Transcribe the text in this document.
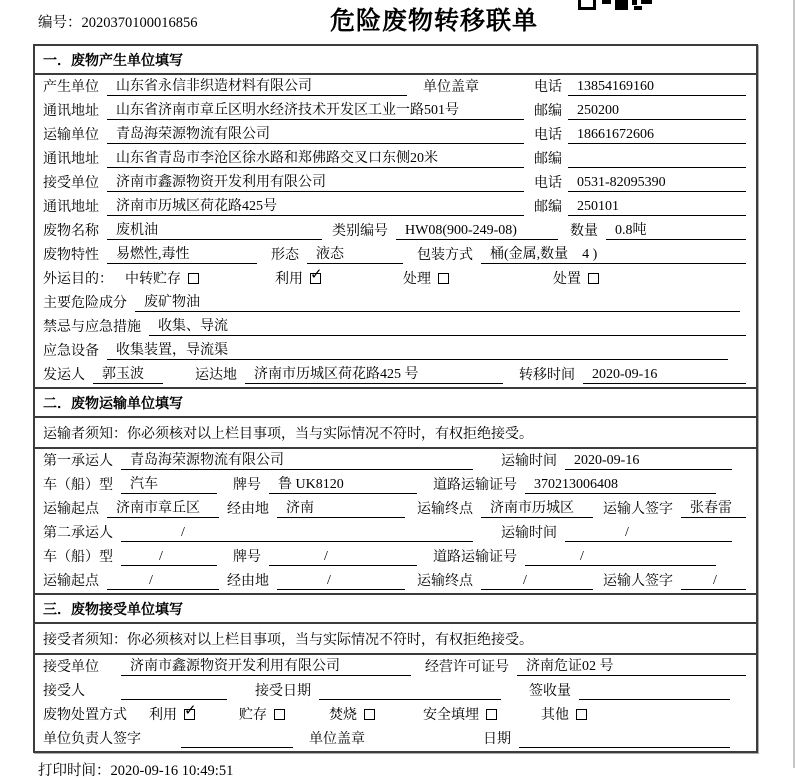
编号：2020370100016856	危险废物转移联单
一．废物产生单位填写
产生单位	山东省永信非织造材料有限公司	单位盖章	电话	13854169160
通讯地址	山东省济南市章丘区明水经济技术开发区工业一路501号	邮编	250200
运输单位	青岛海荣源物流有限公司	电话	18661672606
通讯地址	山东省青岛市李沧区徐水路和郑佛路交叉口东侧20米	邮编
接受单位	济南市鑫源物资开发利用有限公司	电话	0531-82095390
通讯地址	济南市历城区荷花路425号	邮编	250101
废物名称	废机油	类别编号	HW08(900-249-08)	数量	0.8吨
废物特性	易燃性,毒性	形态	液态	包装方式	桶(金属,数量　4 )
外运目的： 中转贮存	利用 ✓	处理	处置
主要危险成分	废矿物油
禁忌与应急措施	收集、导流
应急设备	收集装置，导流渠
发运人	郭玉波	运达地	济南市历城区荷花路425 号	转移时间	2020-09-16
二．废物运输单位填写
运输者须知：你必须核对以上栏目事项，当与实际情况不符时，有权拒绝接受。
第一承运人	青岛海荣源物流有限公司	运输时间	2020-09-16
车（船）型	汽车	牌号	鲁 UK8120	道路运输证号	370213006408
运输起点	济南市章丘区	经由地	济南	运输终点	济南市历城区	运输人签字	张春雷
第二承运人	/	运输时间	/
车（船）型	/	牌号	/	道路运输证号	/
运输起点	/	经由地	/	运输终点	/	运输人签字	/
三．废物接受单位填写
接受者须知：你必须核对以上栏目事项，当与实际情况不符时，有权拒绝接受。
接受单位	济南市鑫源物资开发利用有限公司	经营许可证号	济南危证02 号
接受人	接受日期	签收量
废物处置方式 利用 ✓	贮存	焚烧	安全填埋	其他
单位负责人签字	单位盖章	日期
打印时间：2020-09-16 10:49:51
